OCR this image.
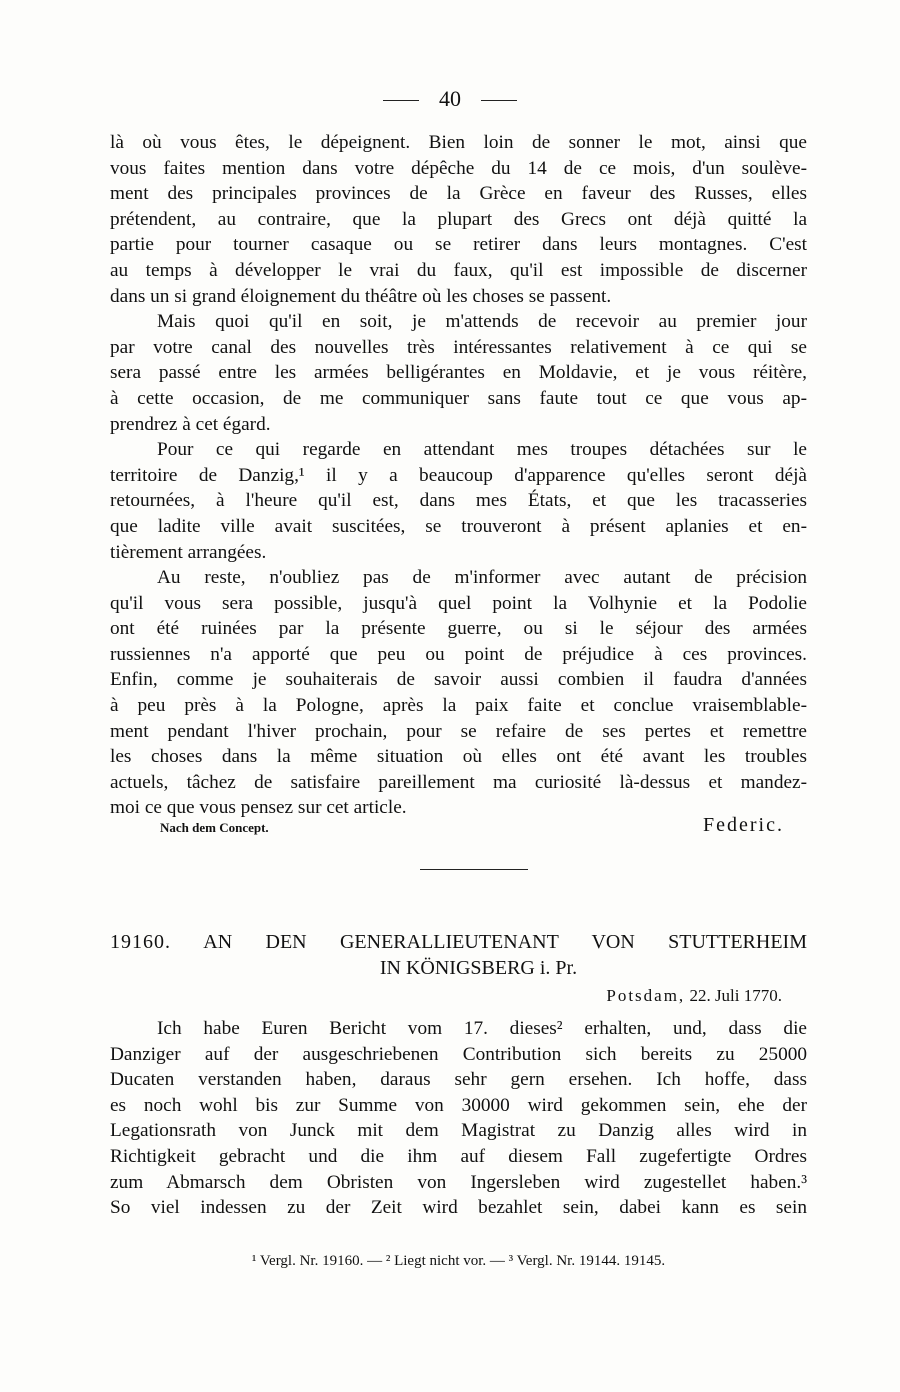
40
là où vous êtes, le dépeignent. Bien loin de sonner le mot, ainsi que
vous faites mention dans votre dépêche du 14 de ce mois, d'un soulève-
ment des principales provinces de la Grèce en faveur des Russes, elles
prétendent, au contraire, que la plupart des Grecs ont déjà quitté la
partie pour tourner casaque ou se retirer dans leurs montagnes. C'est
au temps à développer le vrai du faux, qu'il est impossible de discerner
dans un si grand éloignement du théâtre où les choses se passent.
Mais quoi qu'il en soit, je m'attends de recevoir au premier jour
par votre canal des nouvelles très intéressantes relativement à ce qui se
sera passé entre les armées belligérantes en Moldavie, et je vous réitère,
à cette occasion, de me communiquer sans faute tout ce que vous ap-
prendrez à cet égard.
Pour ce qui regarde en attendant mes troupes détachées sur le
territoire de Danzig,¹ il y a beaucoup d'apparence qu'elles seront déjà
retournées, à l'heure qu'il est, dans mes États, et que les tracasseries
que ladite ville avait suscitées, se trouveront à présent aplanies et en-
tièrement arrangées.
Au reste, n'oubliez pas de m'informer avec autant de précision
qu'il vous sera possible, jusqu'à quel point la Volhynie et la Podolie
ont été ruinées par la présente guerre, ou si le séjour des armées
russiennes n'a apporté que peu ou point de préjudice à ces provinces.
Enfin, comme je souhaiterais de savoir aussi combien il faudra d'années
à peu près à la Pologne, après la paix faite et conclue vraisemblable-
ment pendant l'hiver prochain, pour se refaire de ses pertes et remettre
les choses dans la même situation où elles ont été avant les troubles
actuels, tâchez de satisfaire pareillement ma curiosité là-dessus et mandez-
moi ce que vous pensez sur cet article.
Nach dem Concept.	Federic.
19160. AN DEN GENERALLIEUTENANT VON STUTTERHEIM
IN KÖNIGSBERG i. Pr.
Potsdam, 22. Juli 1770.
Ich habe Euren Bericht vom 17. dieses² erhalten, und, dass die
Danziger auf der ausgeschriebenen Contribution sich bereits zu 25000
Ducaten verstanden haben, daraus sehr gern ersehen. Ich hoffe, dass
es noch wohl bis zur Summe von 30000 wird gekommen sein, ehe der
Legationsrath von Junck mit dem Magistrat zu Danzig alles wird in
Richtigkeit gebracht und die ihm auf diesem Fall zugefertigte Ordres
zum Abmarsch dem Obristen von Ingersleben wird zugestellet haben.³
So viel indessen zu der Zeit wird bezahlet sein, dabei kann es sein
¹ Vergl. Nr. 19160. — ² Liegt nicht vor. — ³ Vergl. Nr. 19144. 19145.
